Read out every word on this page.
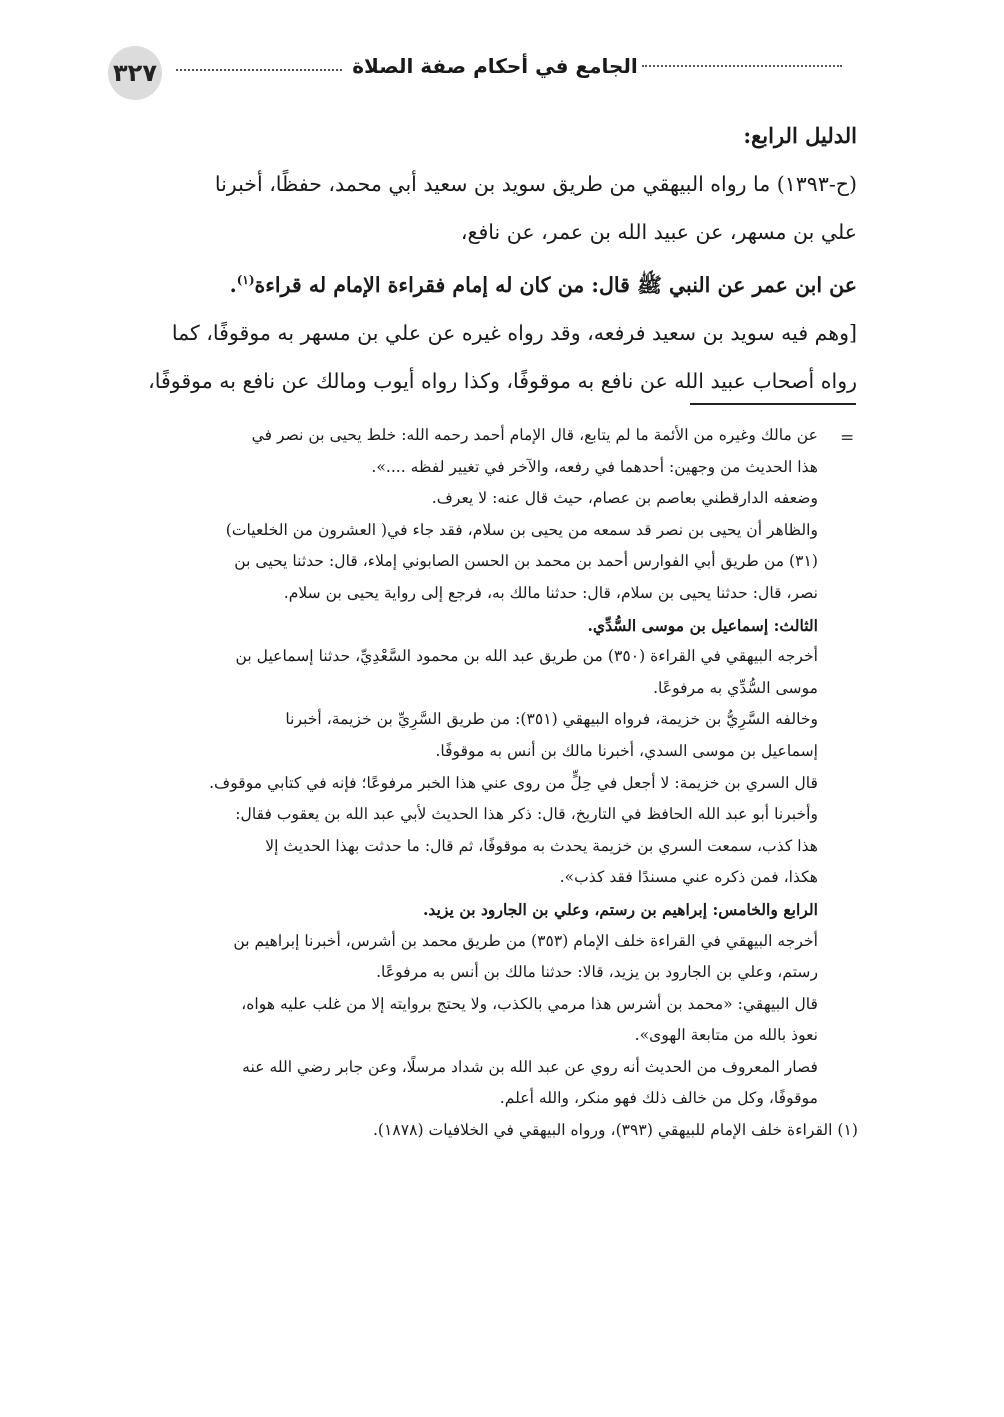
٣٢٧	الجامع في أحكام صفة الصلاة

الدليل الرابع:

(ح-١٣٩٣) ما رواه البيهقي من طريق سويد بن سعيد أبي محمد، حفظًا، أخبرنا

علي بن مسهر، عن عبيد الله بن عمر، عن نافع،

عن ابن عمر عن النبي ﷺ قال: من كان له إمام فقراءة الإمام له قراءة$^{(١)}$.

[وهم فيه سويد بن سعيد فرفعه، وقد رواه غيره عن علي بن مسهر به موقوفًا، كما

رواه أصحاب عبيد الله عن نافع به موقوفًا، وكذا رواه أيوب ومالك عن نافع به موقوفًا،

=

عن مالك وغيره من الأئمة ما لم يتابع، قال الإمام أحمد رحمه الله: خلط يحيى بن نصر في

هذا الحديث من وجهين: أحدهما في رفعه، والآخر في تغيير لفظه ....».

وضعفه الدارقطني بعاصم بن عصام، حيث قال عنه: لا يعرف.

والظاهر أن يحيى بن نصر قد سمعه من يحيى بن سلام، فقد جاء في( العشرون من الخلعيات)

(٣١) من طريق أبي الفوارس أحمد بن محمد بن الحسن الصابوني إملاء، قال: حدثنا يحيى بن

نصر، قال: حدثنا يحيى بن سلام، قال: حدثنا مالك به، فرجع إلى رواية يحيى بن سلام.

الثالث: إسماعيل بن موسى السُّدِّي.

أخرجه البيهقي في القراءة (٣٥٠) من طريق عبد الله بن محمود السَّعْدِيِّ، حدثنا إسماعيل بن

موسى السُّدِّي به مرفوعًا.

وخالفه السَّرِيُّ بن خزيمة، فرواه البيهقي (٣٥١): من طريق السَّرِيِّ بن خزيمة، أخبرنا

إسماعيل بن موسى السدي، أخبرنا مالك بن أنس به موقوفًا.

قال السري بن خزيمة: لا أجعل في حِلٍّ من روى عني هذا الخبر مرفوعًا؛ فإنه في كتابي موقوف.

وأخبرنا أبو عبد الله الحافظ في التاريخ، قال: ذكر هذا الحديث لأبي عبد الله بن يعقوب فقال:

هذا كذب، سمعت السري بن خزيمة يحدث به موقوفًا، ثم قال: ما حدثت بهذا الحديث إلا

هكذا، فمن ذكره عني مسندًا فقد كذب».

الرابع والخامس: إبراهيم بن رستم، وعلي بن الجارود بن يزيد.

أخرجه البيهقي في القراءة خلف الإمام (٣٥٣) من طريق محمد بن أشرس، أخبرنا إبراهيم بن

رستم، وعلي بن الجارود بن يزيد، قالا: حدثنا مالك بن أنس به مرفوعًا.

قال البيهقي: «محمد بن أشرس هذا مرمي بالكذب، ولا يحتج بروايته إلا من غلب عليه هواه،

نعوذ بالله من متابعة الهوى».

فصار المعروف من الحديث أنه روي عن عبد الله بن شداد مرسلًا، وعن جابر رضي الله عنه

موقوفًا، وكل من خالف ذلك فهو منكر، والله أعلم.

(١) القراءة خلف الإمام للبيهقي (٣٩٣)، ورواه البيهقي في الخلافيات (١٨٧٨).
